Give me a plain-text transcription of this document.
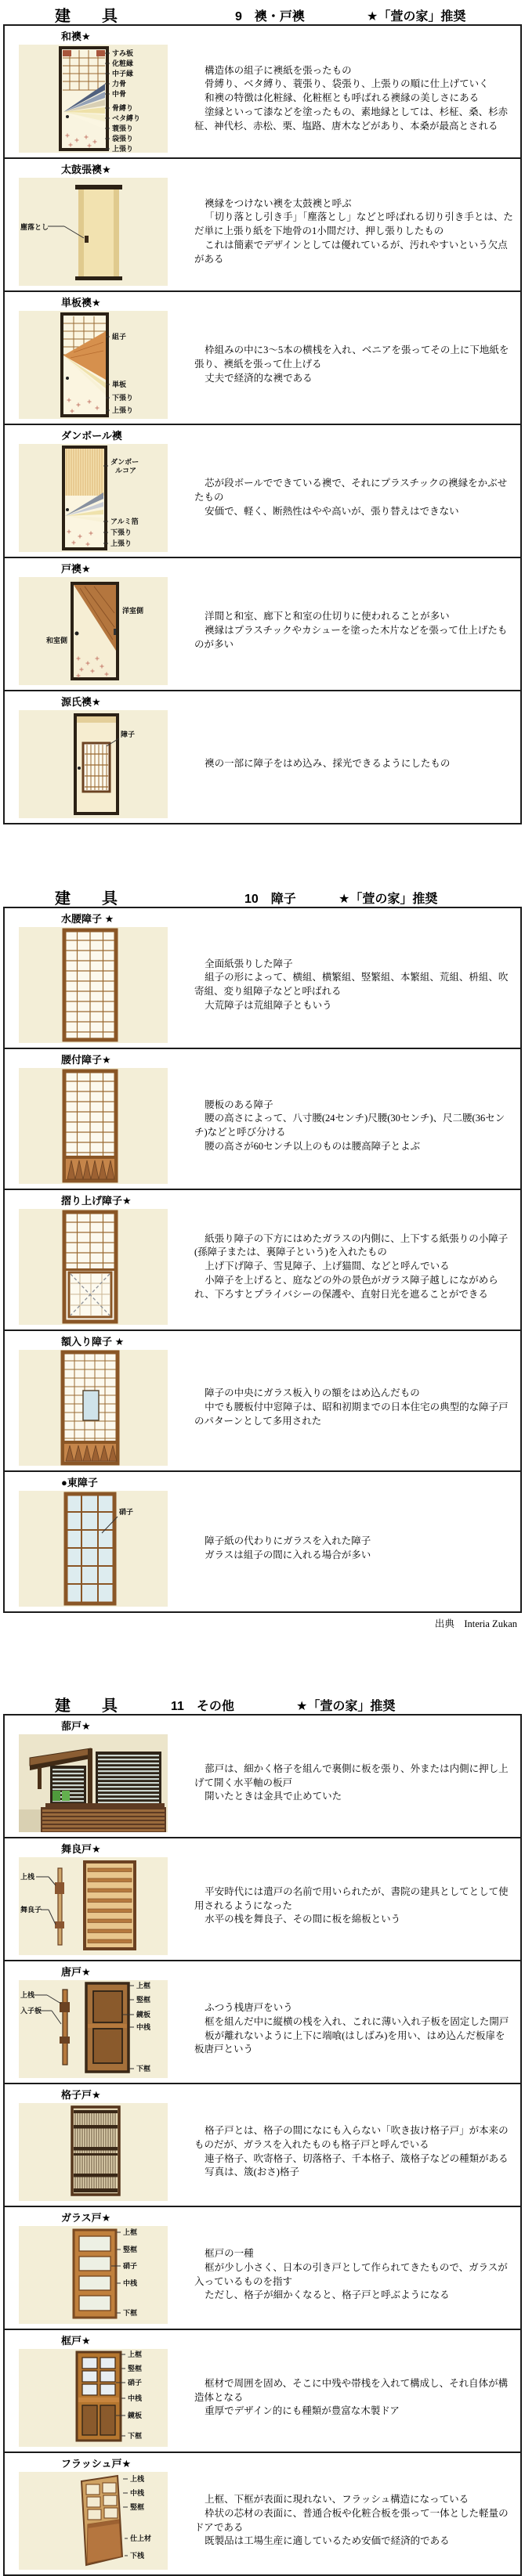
建　具	9　襖・戸襖	★「萱の家」推奨
和襖★
すみ板
化粧縁
中子縁
力骨
中骨
骨縛り
ベタ縛り
蓑張り
袋張り
上張り

構造体の組子に襖紙を張ったもの

骨縛り、ベタ縛り、蓑張り、袋張り、上張りの順に仕上げていく

和襖の特徴は化粧縁、化粧框とも呼ばれる襖縁の美しさにある

塗縁といって漆などを塗ったもの、素地縁としては、杉柾、桑、杉赤柾、神代杉、赤松、栗、塩路、唐木などがあり、本桑が最高とされる

太鼓張襖★
塵落とし

襖縁をつけない襖を太鼓襖と呼ぶ

「切り落とし引き手」「塵落とし」などと呼ばれる切り引き手とは、ただ単に上張り紙を下地骨の1小間だけ、押し張りしたもの

これは簡素でデザインとしては優れているが、汚れやすいという欠点がある

単板襖★
組子
単板
下張り
上張り

枠組みの中に3～5本の横桟を入れ、ベニアを張ってその上に下地紙を張り、襖紙を張って仕上げる

丈夫で経済的な襖である

ダンボール襖
ダンボー
ルコア
アルミ箔
下張り
上張り

芯が段ボールでできている襖で、それにプラスチックの襖縁をかぶせたもの

安価で、軽く、断熱性はやや高いが、張り替えはできない

戸襖★
洋室側
和室側

洋間と和室、廊下と和室の仕切りに使われることが多い

襖縁はプラスチックやカシューを塗った木片などを張って仕上げたものが多い

源氏襖★
障子

襖の一部に障子をはめ込み、採光できるようにしたもの

建　具	10　障子	★「萱の家」推奨
水腰障子 ★

全面紙張りした障子

組子の形によって、横組、横繁組、竪繁組、本繁組、荒組、枡組、吹寄組、変り組障子などと呼ばれる

大荒障子は荒組障子ともいう

腰付障子★

腰板のある障子

腰の高さによって、八寸腰(24センチ)尺腰(30センチ)、尺二腰(36センチ)などと呼び分ける

腰の高さが60センチ以上のものは腰高障子とよぶ

摺り上げ障子★

紙張り障子の下方にはめたガラスの内側に、上下する紙張りの小障子(孫障子または、裏障子という)を入れたもの

上げ下げ障子、雪見障子、上げ猫間、などと呼んでいる

小障子を上げると、庭などの外の景色がガラス障子越しにながめられ、下ろすとプライバシーの保護や、直射日光を遮ることができる

額入り障子 ★

障子の中央にガラス板入りの額をはめ込んだもの

中でも腰板付中窓障子は、昭和初期までの日本住宅の典型的な障子戸のパターンとして多用された

●東障子
硝子

障子紙の代わりにガラスを入れた障子

ガラスは組子の間に入れる場合が多い

出典　Interia Zukan
建　具	11　その他	★「萱の家」推奨
蔀戸★

蔀戸は、細かく格子を組んで裏側に板を張り、外または内側に押し上げて開く水平軸の板戸

開いたときは金具で止めていた

舞良戸★
上桟
舞良子

平安時代には遣戸の名前で用いられたが、書院の建具としてとして使用されるようになった

水平の桟を舞良子、その間に板を綿板という

唐戸★
上桟
入子板
上框
竪框
鏡板
中桟
下框

ふつう桟唐戸をいう

框を組んだ中に縦横の桟を入れ、これに薄い入れ子板を固定した開戸

板が離れないように上下に端喰(はしばみ)を用い、はめ込んだ板扉を板唐戸という

格子戸★

格子戸とは、格子の間になにも入らない「吹き抜け格子戸」が本来のものだが、ガラスを入れたものも格子戸と呼んでいる

連子格子、吹寄格子、切落格子、千本格子、筬格子などの種類がある

写真は、筬(おさ)格子

ガラス戸★
上框
竪框
硝子
中桟
下框

框戸の一種

框が少し小さく、日本の引き戸として作られてきたもので、ガラスが入っているものを指す

ただし、格子が細かくなると、格子戸と呼ぶようになる

框戸★
上框
竪框
硝子
中桟
鏡板
下框

框材で周囲を固め、そこに中残や帯桟を入れて構成し、それ自体が構造体となる

重厚でデザイン的にも種類が豊富な木製ドア

フラッシュ戸★
上桟
中桟
竪框
仕上材
下桟

上框、下框が表面に現れない、フラッシュ構造になっている

枠状の芯材の表面に、普通合板や化粧合板を張って一体とした軽量のドアである

既製品は工場生産に適しているため安価で経済的である
